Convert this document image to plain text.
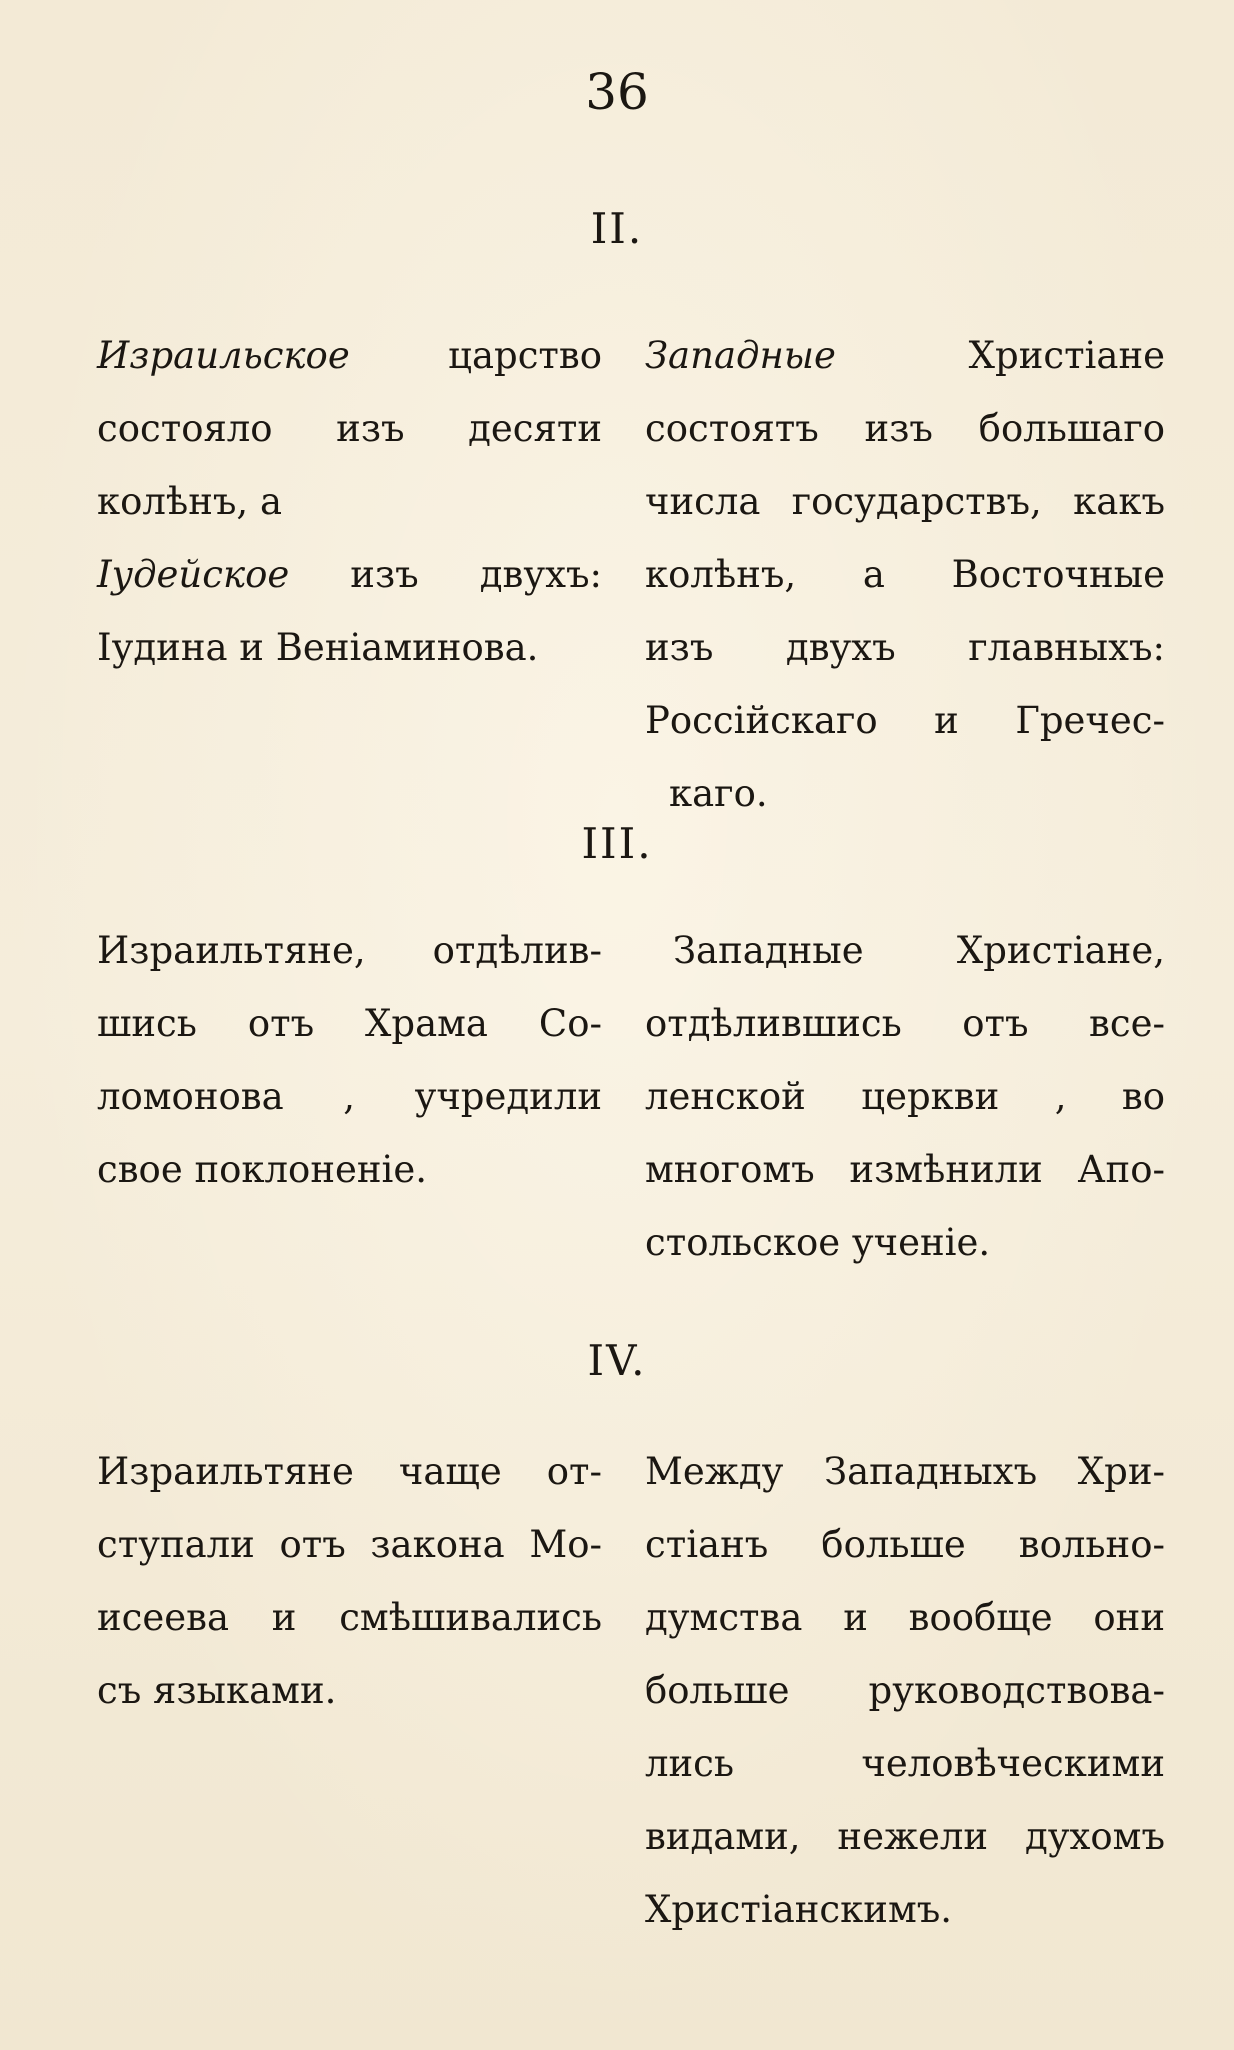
36
II.
Израильское царство
состояло изъ десяти
колѣнъ, а
Іудейское изъ двухъ:
Іудина и Веніаминова.
Западные Христіане
состоятъ изъ большаго
числа государствъ, какъ
колѣнъ, а Восточные
изъ двухъ главныхъ:
Россійскаго и Гречес-
каго.
III.
Израильтяне, отдѣлив-
шись отъ Храма Со-
ломонова , учредили
свое поклоненіе.
Западные Христіане,
отдѣлившись отъ все-
ленской церкви , во
многомъ измѣнили Апо-
стольское ученіе.
IV.
Израильтяне чаще от-
ступали отъ закона Мо-
исеева и смѣшивались
съ языками.
Между Западныхъ Хри-
стіанъ больше вольно-
думства и вообще они
больше руководствова-
лись человѣческими
видами, нежели духомъ
Христіанскимъ.
